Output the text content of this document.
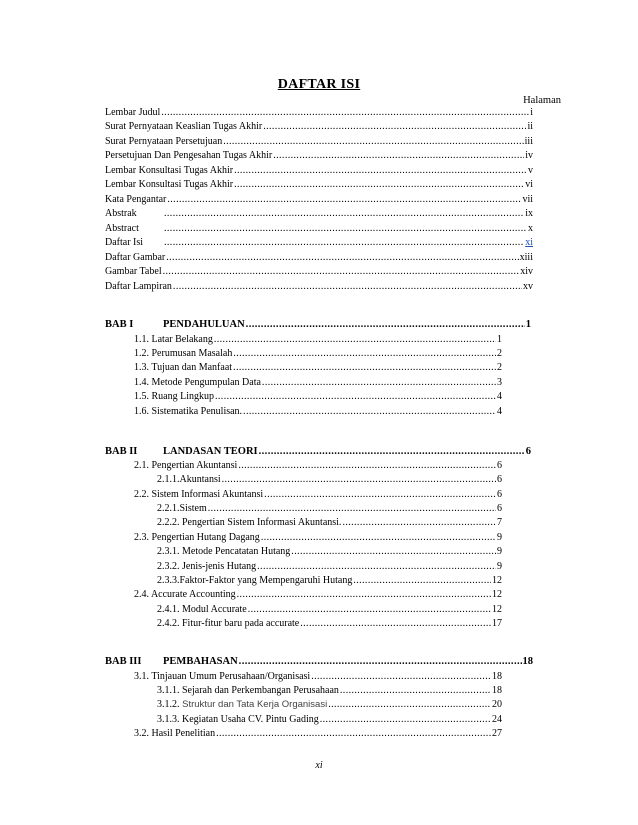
DAFTAR ISI
Halaman
Lembar Judul .....	i
Surat Pernyataan Keaslian Tugas Akhir .....	ii
Surat Pernyataan Persetujuan .....	iii
Persetujuan Dan Pengesahan Tugas Akhir .....	iv
Lembar Konsultasi Tugas Akhir .....	v
Lembar Konsultasi Tugas Akhir .....	vi
Kata Pengantar .....	vii
Abstrak .....	ix
Abstract .....	x
Daftar Isi .....	xi
Daftar Gambar .....	xiii
Gambar Tabel .....	xiv
Daftar Lampiran .....	xv
BAB I	PENDAHULUAN .....	1
1.1. Latar Belakang .....	1
1.2. Perumusan Masalah .....	2
1.3. Tujuan dan Manfaat .....	2
1.4. Metode Pengumpulan Data .....	3
1.5. Ruang Lingkup .....	4
1.6. Sistematika Penulisan. .....	4
BAB II LANDASAN TEORI .....	6
2.1. Pengertian Akuntansi .....	6
2.1.1.Akuntansi .....	6
2.2. Sistem Informasi Akuntansi .....	6
2.2.1.Sistem .....	6
2.2.2. Pengertian Sistem Informasi Akuntansi. .....	7
2.3. Pengertian Hutang Dagang .....	9
2.3.1. Metode Pencatatan Hutang .....	9
2.3.2. Jenis-jenis Hutang .....	9
2.3.3.Faktor-Faktor yang Mempengaruhi Hutang .....	12
2.4. Accurate Accounting .....	12
2.4.1. Modul Accurate .....	12
2.4.2. Fitur-fitur baru pada accurate .....	17
BAB III PEMBAHASAN .....	18
3.1. Tinjauan Umum Perusahaan/Organisasi .....	18
3.1.1. Sejarah dan Perkembangan Perusahaan .....	18
3.1.2. Struktur dan Tata Kerja Organisasi .....	20
3.1.3. Kegiatan Usaha CV. Pintu Gading .....	24
3.2. Hasil Penelitian .....	27
xi
